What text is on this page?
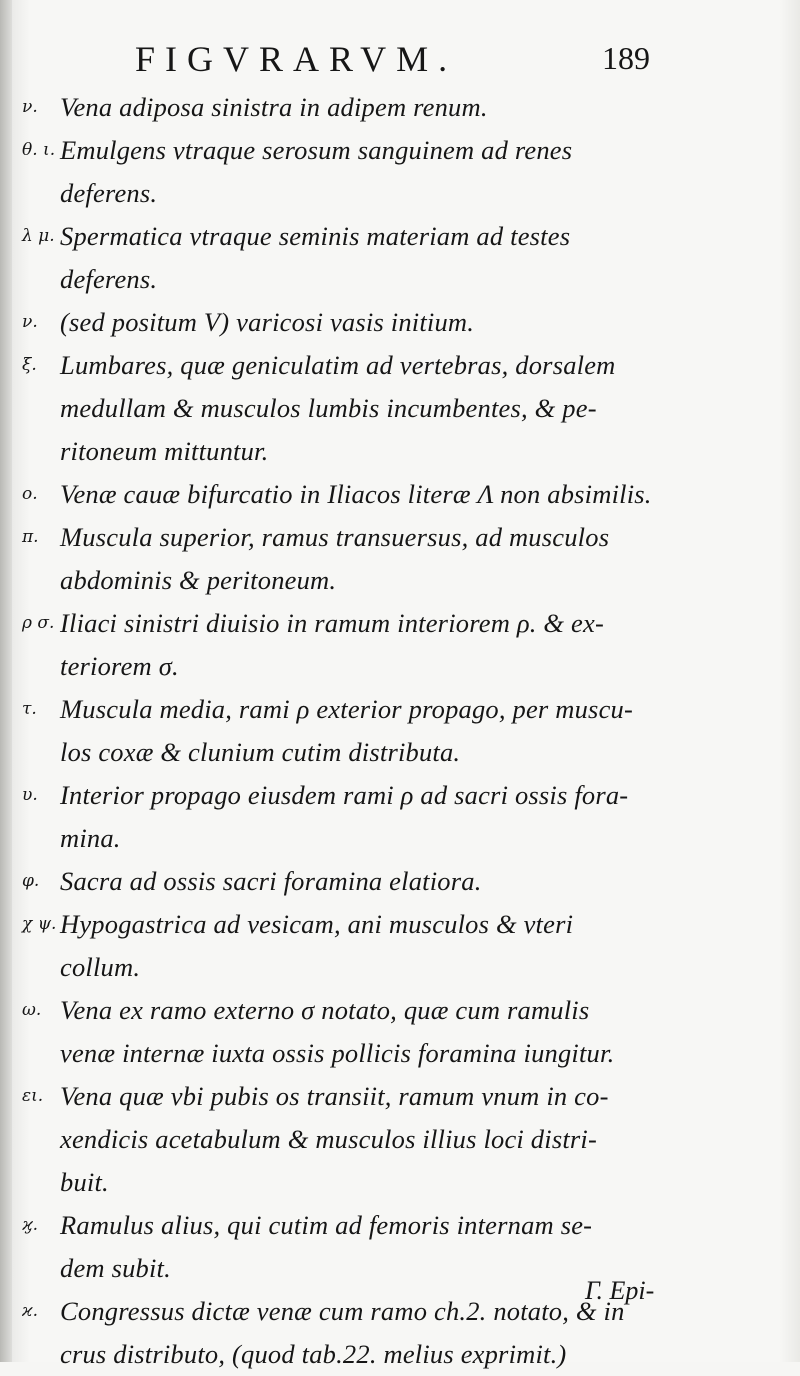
FIGVRARVM.	189
ν. Vena adiposa sinistra in adipem renum.
θ. ι. Emulgens vtraque serosum sanguinem ad renes
deferens.
λ μ. Spermatica vtraque seminis materiam ad testes
deferens.
ν. (sed positum V) varicosi vasis initium.
ξ. Lumbares, quæ geniculatim ad vertebras, dorsalem
medullam & musculos lumbis incumbentes, & pe-
ritoneum mittuntur.
ο. Venæ cauæ bifurcatio in Iliacos literæ Λ non absimilis.
π. Muscula superior, ramus transuersus, ad musculos
abdominis & peritoneum.
ρ σ. Iliaci sinistri diuisio in ramum interiorem ρ. & ex-
teriorem σ.
τ. Muscula media, rami ρ exterior propago, per muscu-
los coxæ & clunium cutim distributa.
υ. Interior propago eiusdem rami ρ ad sacri ossis fora-
mina.
φ. Sacra ad ossis sacri foramina elatiora.
χ ψ. Hypogastrica ad vesicam, ani musculos & vteri
collum.
ω. Vena ex ramo externo σ notato, quæ cum ramulis
venæ internæ iuxta ossis pollicis foramina iungitur.
ει. Vena quæ vbi pubis os transiit, ramum vnum in co-
xendicis acetabulum & musculos illius loci distri-
buit.
ϗ. Ramulus alius, qui cutim ad femoris internam se-
dem subit.
ϰ. Congressus dictæ venæ cum ramo ch.2. notato, & in
crus distributo, (quod tab.22. melius exprimit.)
Γ. Epi-
